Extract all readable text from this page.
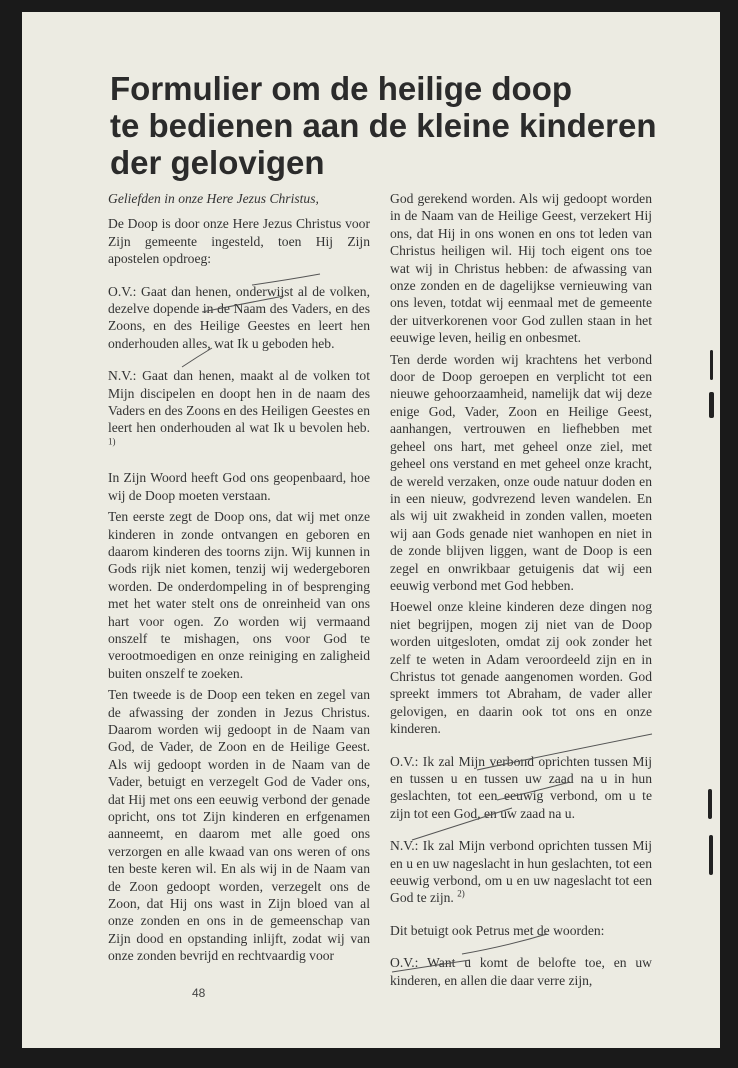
Formulier om de heilige doop
te bedienen aan de kleine kinderen
der gelovigen

Geliefden in onze Here Jezus Christus,

De Doop is door onze Here Jezus Christus voor Zijn gemeente ingesteld, toen Hij Zijn apostelen opdroeg:

O.V.: Gaat dan henen, onderwijst al de volken, dezelve dopende in de Naam des Vaders, en des Zoons, en des Heilige Geestes en leert hen onderhouden alles, wat Ik u geboden heb.

N.V.: Gaat dan henen, maakt al de volken tot Mijn discipelen en doopt hen in de naam des Vaders en des Zoons en des Heiligen Geestes en leert hen onderhouden al wat Ik u bevolen heb. $^{1)}$

In Zijn Woord heeft God ons geopenbaard, hoe wij de Doop moeten verstaan.

Ten eerste zegt de Doop ons, dat wij met onze kinderen in zonde ontvangen en geboren en daarom kinderen des toorns zijn. Wij kunnen in Gods rijk niet komen, tenzij wij wedergeboren worden. De onderdompeling in of besprenging met het water stelt ons de onreinheid van ons hart voor ogen. Zo worden wij vermaand onszelf te mishagen, ons voor God te verootmoedigen en onze reiniging en zaligheid buiten onszelf te zoeken.

Ten tweede is de Doop een teken en zegel van de afwassing der zonden in Jezus Christus. Daarom worden wij gedoopt in de Naam van God, de Vader, de Zoon en de Heilige Geest. Als wij gedoopt worden in de Naam van de Vader, betuigt en verzegelt God de Vader ons, dat Hij met ons een eeuwig verbond der genade opricht, ons tot Zijn kinderen en erfgenamen aanneemt, en daarom met alle goed ons verzorgen en alle kwaad van ons weren of ons ten beste keren wil. En als wij in de Naam van de Zoon gedoopt worden, verzegelt ons de Zoon, dat Hij ons wast in Zijn bloed van al onze zonden en ons in de gemeenschap van Zijn dood en opstanding inlijft, zodat wij van onze zonden bevrijd en rechtvaardig voor

God gerekend worden. Als wij gedoopt worden in de Naam van de Heilige Geest, verzekert Hij ons, dat Hij in ons wonen en ons tot leden van Christus heiligen wil. Hij toch eigent ons toe wat wij in Christus hebben: de afwassing van onze zonden en de dagelijkse vernieuwing van ons leven, totdat wij eenmaal met de gemeente der uitverkorenen voor God zullen staan in het eeuwige leven, heilig en onbesmet.

Ten derde worden wij krachtens het verbond door de Doop geroepen en verplicht tot een nieuwe gehoorzaamheid, namelijk dat wij deze enige God, Vader, Zoon en Heilige Geest, aanhangen, vertrouwen en liefhebben met geheel ons hart, met geheel onze ziel, met geheel ons verstand en met geheel onze kracht, de wereld verzaken, onze oude natuur doden en in een nieuw, godvrezend leven wandelen. En als wij uit zwakheid in zonden vallen, moeten wij aan Gods genade niet wanhopen en niet in de zonde blijven liggen, want de Doop is een zegel en onwrikbaar getuigenis dat wij een eeuwig verbond met God hebben.

Hoewel onze kleine kinderen deze dingen nog niet begrijpen, mogen zij niet van de Doop worden uitgesloten, omdat zij ook zonder het zelf te weten in Adam veroordeeld zijn en in Christus tot genade aangenomen worden. God spreekt immers tot Abraham, de vader aller gelovigen, en daarin ook tot ons en onze kinderen.

O.V.: Ik zal Mijn verbond oprichten tussen Mij en tussen u en tussen uw zaad na u in hun geslachten, tot een eeuwig verbond, om u te zijn tot een God, en uw zaad na u.

N.V.: Ik zal Mijn verbond oprichten tussen Mij en u en uw nageslacht in hun geslachten, tot een eeuwig verbond, om u en uw nageslacht tot een God te zijn. $^{2)}$

Dit betuigt ook Petrus met de woorden:

O.V.: Want u komt de belofte toe, en uw kinderen, en allen die daar verre zijn,

48
